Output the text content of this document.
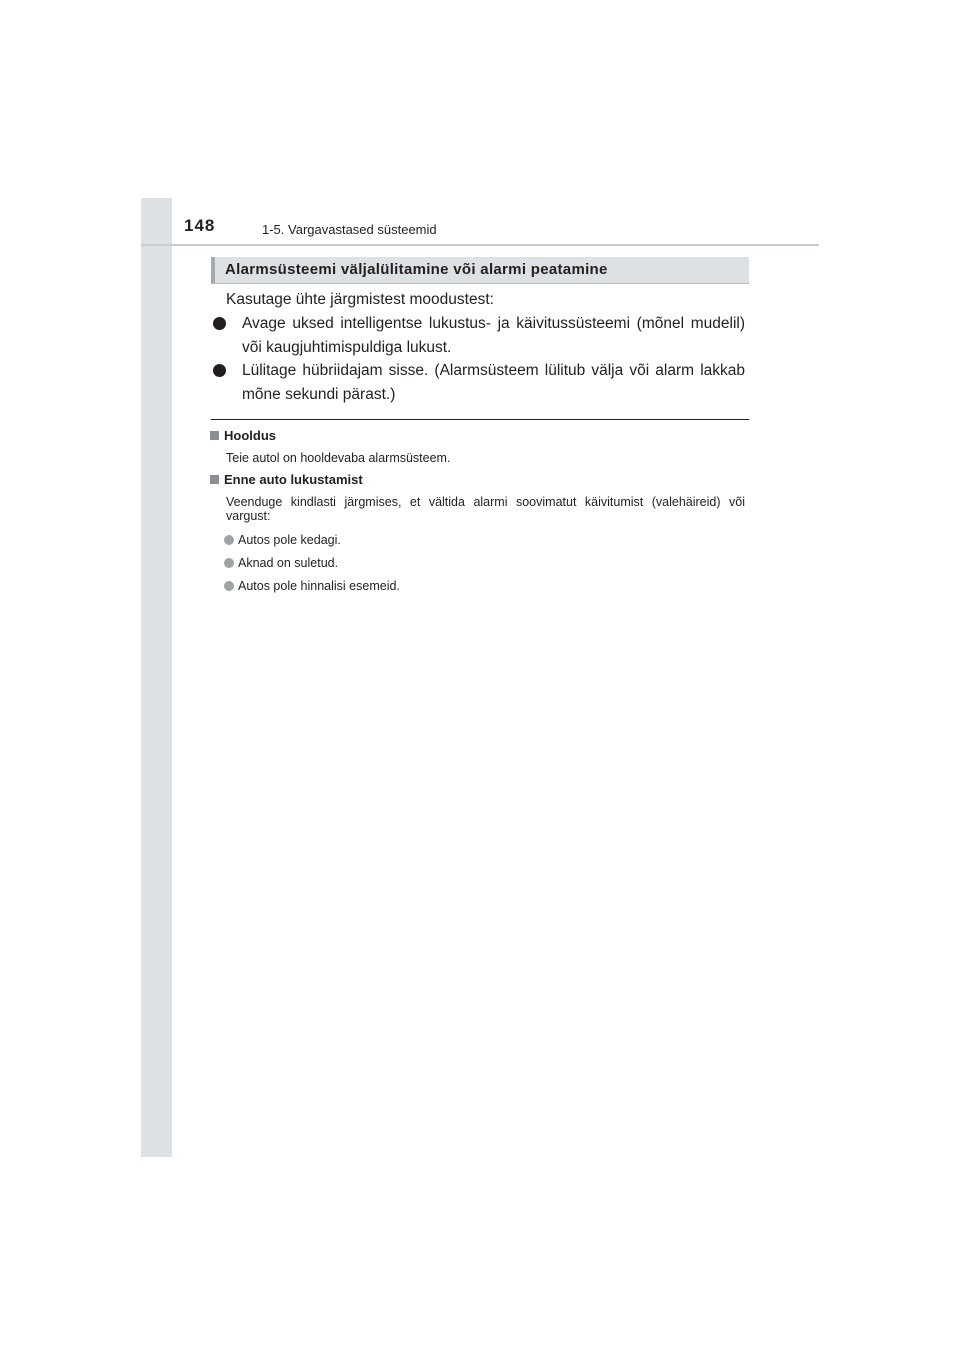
148	1-5. Vargavastased süsteemid
Alarmsüsteemi väljalülitamine või alarmi peatamine
Kasutage ühte järgmistest moodustest:
Avage uksed intelligentse lukustus- ja käivitussüsteemi (mõnel mudelil) või kaugjuhtimispuldiga lukust.
Lülitage hübriidajam sisse. (Alarmsüsteem lülitub välja või alarm lakkab mõne sekundi pärast.)
Hooldus
Teie autol on hooldevaba alarmsüsteem.
Enne auto lukustamist
Veenduge kindlasti järgmises, et vältida alarmi soovimatut käivitumist (valehäireid) või vargust:
Autos pole kedagi.
Aknad on suletud.
Autos pole hinnalisi esemeid.
